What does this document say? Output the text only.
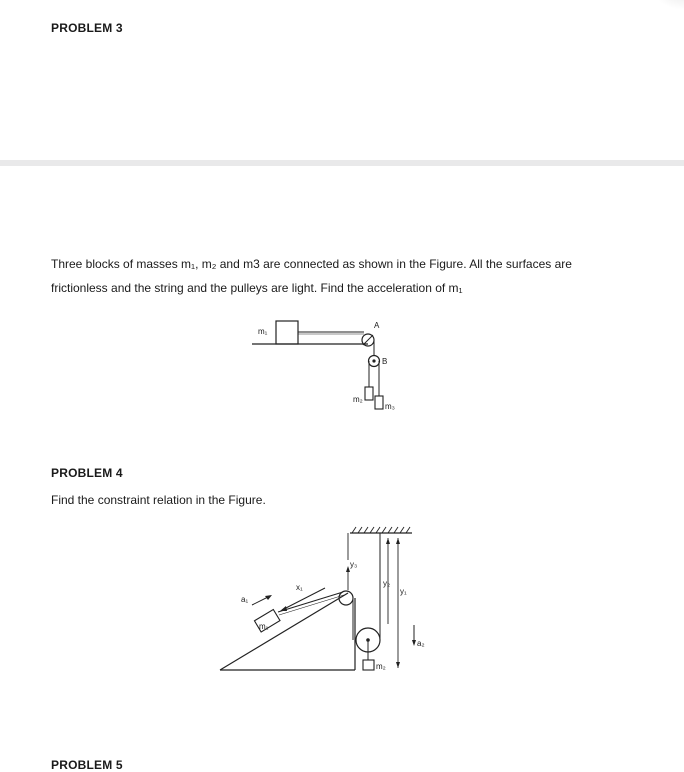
PROBLEM 3
Three blocks of masses m₁, m₂ and m3 are connected as shown in the Figure. All the surfaces are
frictionless and the string and the pulleys are light. Find the acceleration of m₁
m₁
A
B
m₂
m₃
PROBLEM 4
Find the constraint relation in the Figure.
m₁
a₁
x₁
y₃
m₂
y₂
y₁
a₂
PROBLEM 5
